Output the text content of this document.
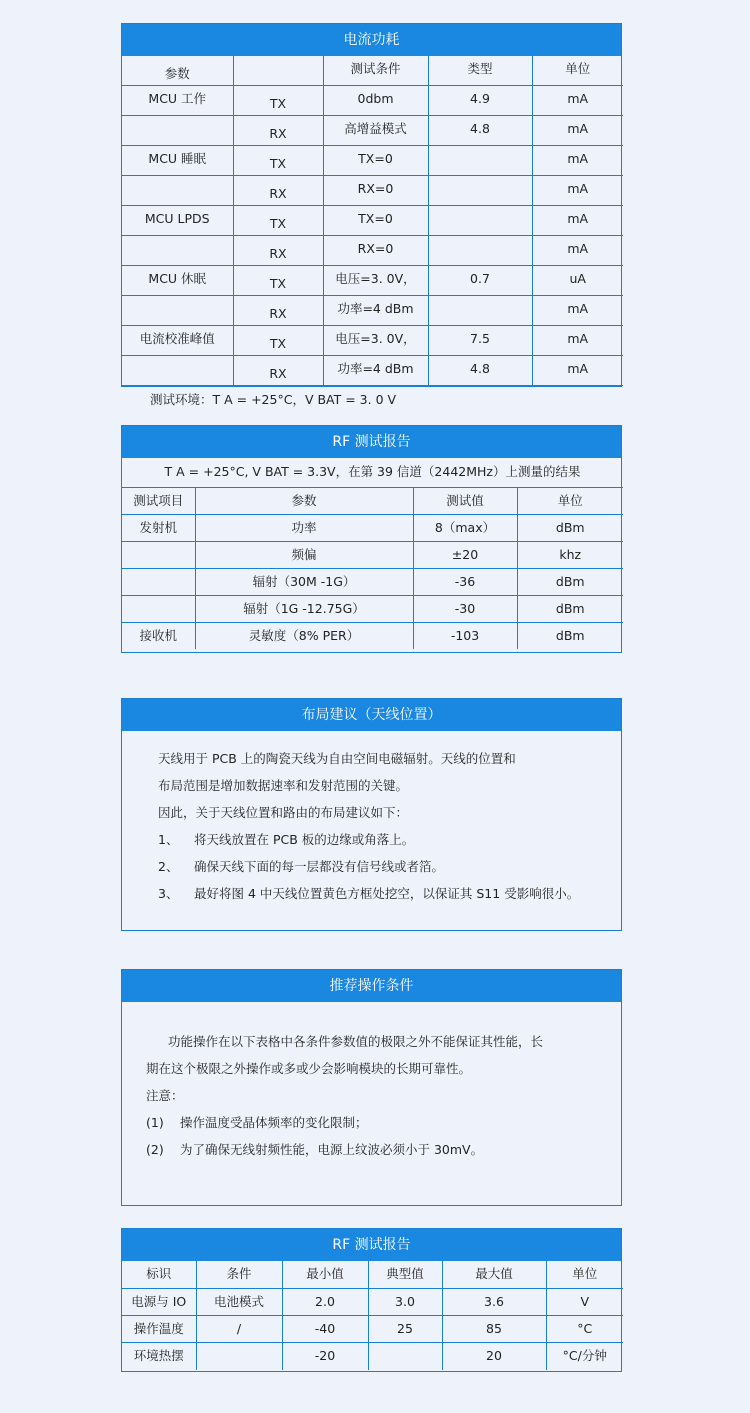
电流功耗
参数		测试条件	类型	单位
MCU 工作	TX	0dbm	4.9	mA
	RX	高增益模式	4.8	mA
MCU 睡眠	TX	TX=0		mA
	RX	RX=0		mA
MCU LPDS	TX	TX=0		mA
	RX	RX=0		mA
MCU 休眠	TX	电压=3. 0V，	0.7	uA
	RX	功率=4 dBm		mA
电流校准峰值	TX	电压=3. 0V，	7.5	mA
	RX	功率=4 dBm	4.8	mA
测试环境：T A = +25°C，V BAT = 3. 0 V				
RF 测试报告
T A = +25°C, V BAT = 3.3V，在第 39 信道（2442MHz）上测量的结果			
测试项目	参数	测试值	单位
发射机	功率	8（max）	dBm
	频偏	±20	khz
	辐射（30M -1G）	-36	dBm
	辐射（1G -12.75G）	-30	dBm
接收机	灵敏度（8% PER）	-103	dBm
布局建议（天线位置）

天线用于 PCB 上的陶瓷天线为自由空间电磁辐射。天线的位置和

布局范围是增加数据速率和发射范围的关键。

因此，关于天线位置和路由的布局建议如下：

1、 将天线放置在 PCB 板的边缘或角落上。

2、 确保天线下面的每一层都没有信号线或者箔。

3、 最好将图 4 中天线位置黄色方框处挖空，以保证其 S11 受影响很小。

推荐操作条件

功能操作在以下表格中各条件参数值的极限之外不能保证其性能，长

期在这个极限之外操作或多或少会影响模块的长期可靠性。

注意：

(1) 操作温度受晶体频率的变化限制；

(2) 为了确保无线射频性能，电源上纹波必须小于 30mV。

RF 测试报告
标识	条件	最小值	典型值	最大值	单位
电源与 IO	电池模式	2.0	3.0	3.6	V
操作温度	/	-40	25	85	°C
环境热摆		-20		20	°C/分钟
